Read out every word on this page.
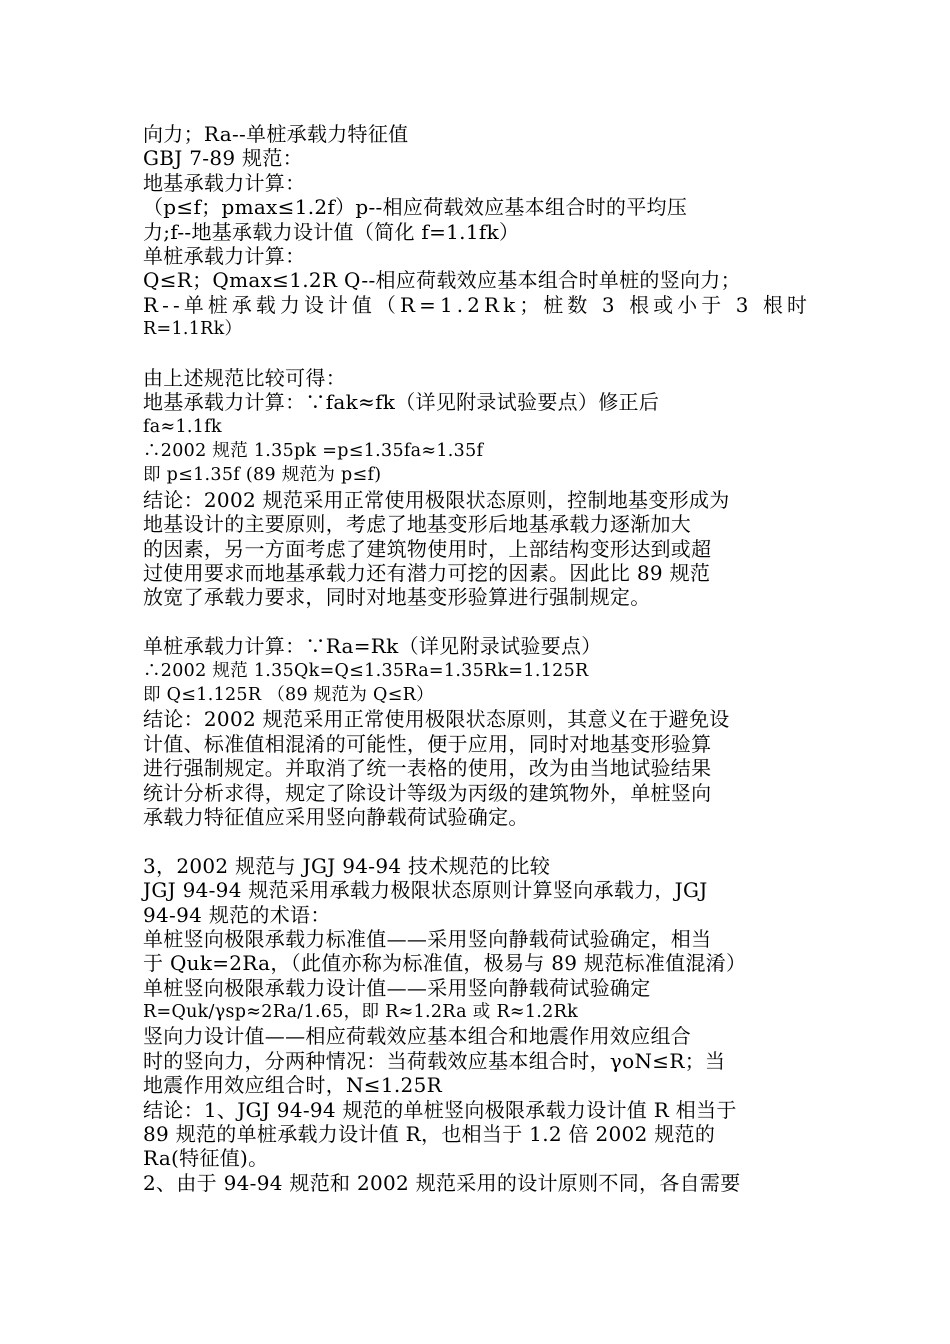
向力；Ra--单桩承载力特征值
GBJ 7-89 规范：
地基承载力计算：
（p≤f；pmax≤1.2f）p--相应荷载效应基本组合时的平均压
力;f--地基承载力设计值（简化 f=1.1fk）
单桩承载力计算：
Q≤R；Qmax≤1.2R Q--相应荷载效应基本组合时单桩的竖向力；
R--单桩承载力设计值（R=1.2Rk；桩数 3 根或小于 3 根时
R=1.1Rk）
由上述规范比较可得：
地基承载力计算：∵fak≈fk（详见附录试验要点）修正后
fa≈1.1fk
∴2002 规范 1.35pk =p≤1.35fa≈1.35f
即 p≤1.35f (89 规范为 p≤f)
结论：2002 规范采用正常使用极限状态原则，控制地基变形成为
地基设计的主要原则，考虑了地基变形后地基承载力逐渐加大
的因素，另一方面考虑了建筑物使用时，上部结构变形达到或超
过使用要求而地基承载力还有潜力可挖的因素。因此比 89 规范
放宽了承载力要求，同时对地基变形验算进行强制规定。
单桩承载力计算：∵Ra=Rk（详见附录试验要点）
∴2002 规范 1.35Qk=Q≤1.35Ra=1.35Rk=1.125R
即 Q≤1.125R （89 规范为 Q≤R）
结论：2002 规范采用正常使用极限状态原则，其意义在于避免设
计值、标准值相混淆的可能性，便于应用，同时对地基变形验算
进行强制规定。并取消了统一表格的使用，改为由当地试验结果
统计分析求得，规定了除设计等级为丙级的建筑物外，单桩竖向
承载力特征值应采用竖向静载荷试验确定。
3，2002 规范与 JGJ 94-94 技术规范的比较
JGJ 94-94 规范采用承载力极限状态原则计算竖向承载力，JGJ
94-94 规范的术语：
单桩竖向极限承载力标准值——采用竖向静载荷试验确定，相当
于 Quk=2Ra，（此值亦称为标准值，极易与 89 规范标准值混淆）
单桩竖向极限承载力设计值——采用竖向静载荷试验确定
R=Quk/γsp≈2Ra/1.65，即 R≈1.2Ra 或 R≈1.2Rk
竖向力设计值——相应荷载效应基本组合和地震作用效应组合
时的竖向力，分两种情况：当荷载效应基本组合时，γoN≤R；当
地震作用效应组合时，N≤1.25R
结论：1、JGJ 94-94 规范的单桩竖向极限承载力设计值 R 相当于
89 规范的单桩承载力设计值 R，也相当于 1.2 倍 2002 规范的
Ra(特征值)。
2、由于 94-94 规范和 2002 规范采用的设计原则不同，各自需要
